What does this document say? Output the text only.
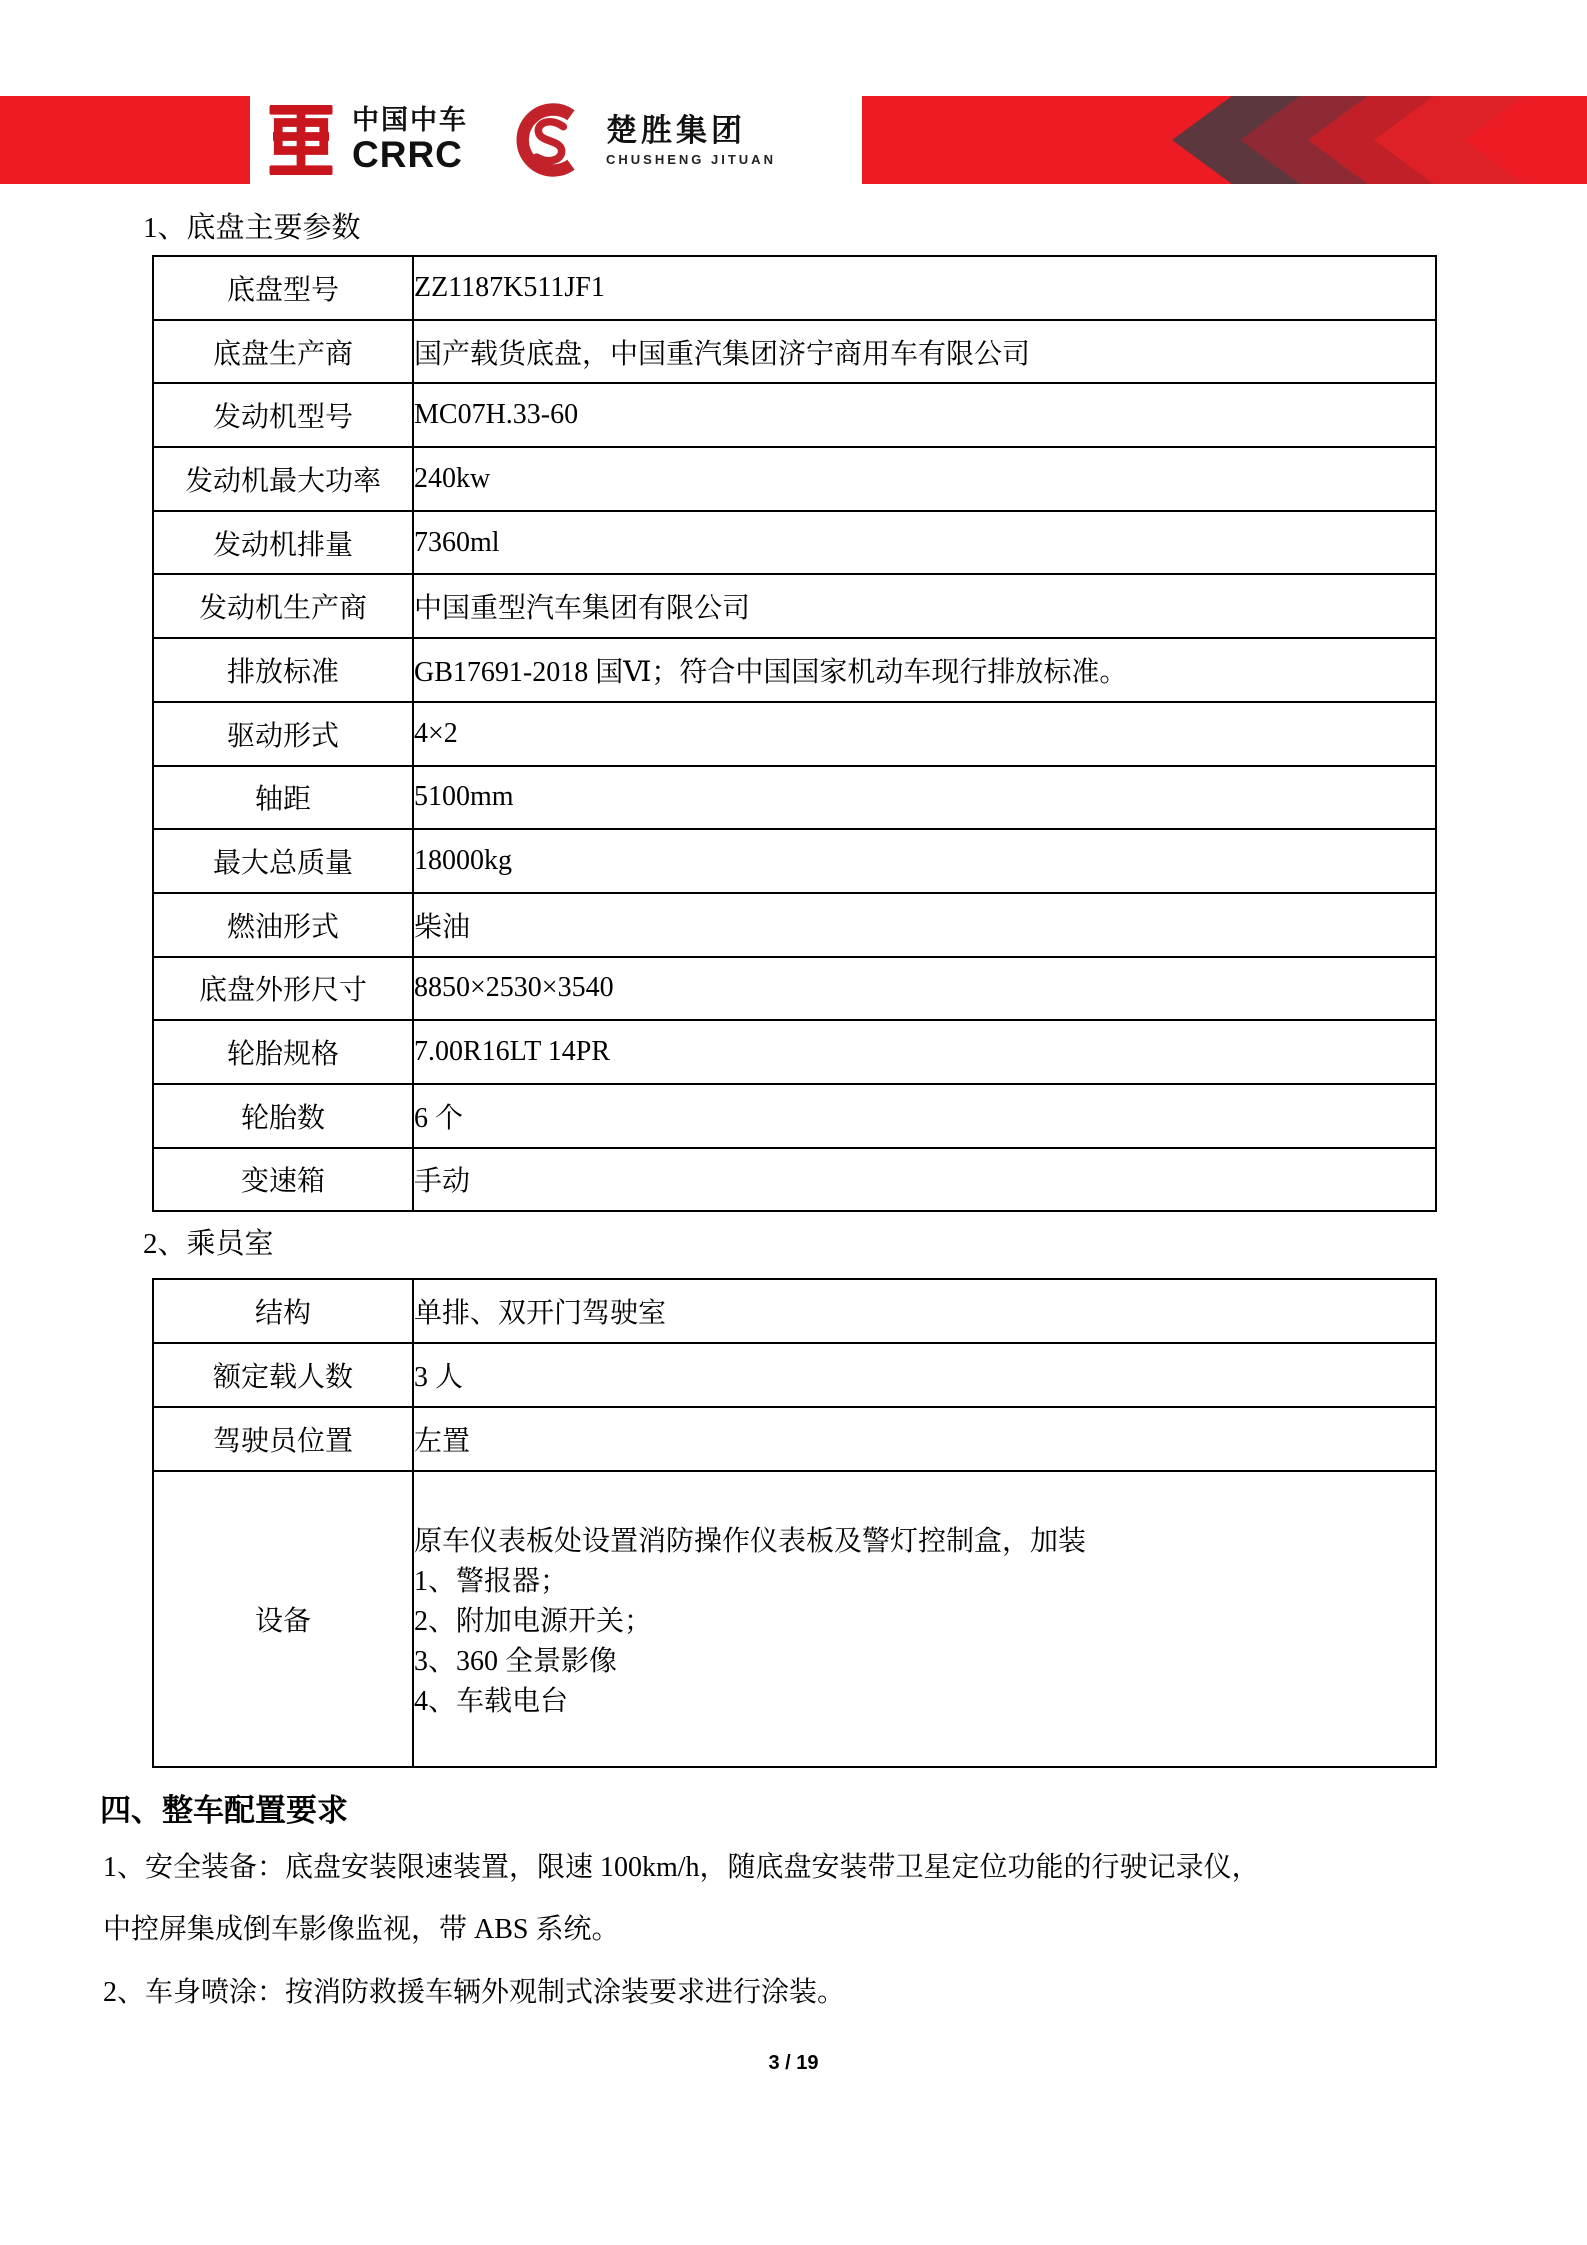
中国中车
CRRC
楚胜集团
CHUSHENG JITUAN
1、底盘主要参数
底盘型号	ZZ1187K511JF1
底盘生产商	国产载货底盘，中国重汽集团济宁商用车有限公司
发动机型号	MC07H.33-60
发动机最大功率	240kw
发动机排量	7360ml
发动机生产商	中国重型汽车集团有限公司
排放标准	GB17691-2018 国Ⅵ；符合中国国家机动车现行排放标准。
驱动形式	4×2
轴距	5100mm
最大总质量	18000kg
燃油形式	柴油
底盘外形尺寸	8850×2530×3540
轮胎规格	7.00R16LT 14PR
轮胎数	6 个
变速箱	手动
2、乘员室
结构	单排、双开门驾驶室
额定载人数	3 人
驾驶员位置	左置
设备	原车仪表板处设置消防操作仪表板及警灯控制盒，加装
1、警报器；
2、附加电源开关；
3、360 全景影像
4、车载电台
四、整车配置要求
1、安全装备：底盘安装限速装置，限速 100km/h，随底盘安装带卫星定位功能的行驶记录仪，
中控屏集成倒车影像监视，带 ABS 系统。
2、车身喷涂：按消防救援车辆外观制式涂装要求进行涂装。
3 / 19
